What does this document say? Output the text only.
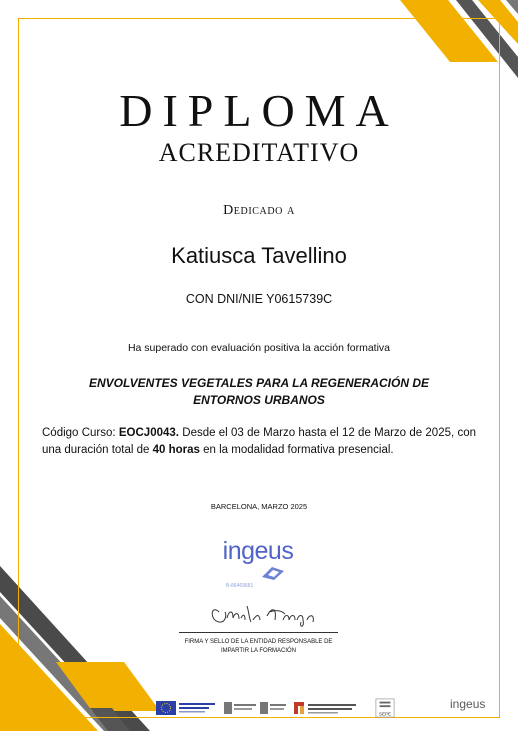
DIPLOMA
ACREDITATIVO
Dedicado a
Katiusca Tavellino
CON DNI/NIE Y0615739C
Ha superado con evaluación positiva la acción formativa
ENVOLVENTES VEGETALES PARA LA REGENERACIÓN DE ENTORNOS URBANOS
Código Curso: EOCJ0043. Desde el 03 de Marzo hasta el 12 de Marzo de 2025, con una duración total de 40 horas en la modalidad formativa presencial.
BARCELONA, MARZO 2025
ingeus
B-86469681
FIRMA Y SELLO DE LA ENTIDAD RESPONSABLE DE IMPARTIR LA FORMACIÓN
SEPE
ingeus
